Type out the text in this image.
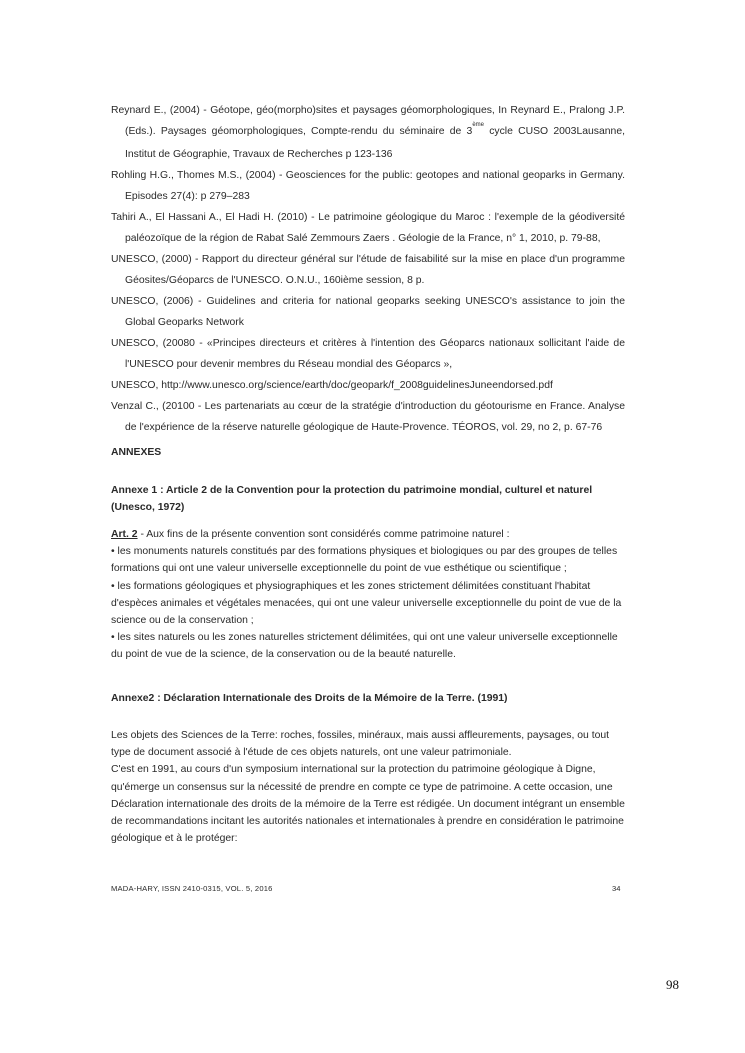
Reynard E., (2004) - Géotope, géo(morpho)sites et paysages géomorphologiques, In Reynard E., Pralong J.P. (Eds.). Paysages géomorphologiques, Compte-rendu du séminaire de 3ème cycle CUSO 2003Lausanne, Institut de Géographie, Travaux de Recherches p 123-136
Rohling H.G., Thomes M.S., (2004) - Geosciences for the public: geotopes and national geoparks in Germany. Episodes 27(4): p 279–283
Tahiri A., El Hassani A., El Hadi H. (2010) - Le patrimoine géologique du Maroc : l'exemple de la géodiversité paléozoïque de la région de Rabat Salé Zemmours Zaers . Géologie de la France, n° 1, 2010, p. 79-88,
UNESCO, (2000) - Rapport du directeur général sur l'étude de faisabilité sur la mise en place d'un programme Géosites/Géoparcs de l'UNESCO. O.N.U., 160ième session, 8 p.
UNESCO, (2006) - Guidelines and criteria for national geoparks seeking UNESCO's assistance to join the Global Geoparks Network
UNESCO, (20080 - «Principes directeurs et critères à l'intention des Géoparcs nationaux sollicitant l'aide de l'UNESCO pour devenir membres du Réseau mondial des Géoparcs »,
UNESCO, http://www.unesco.org/science/earth/doc/geopark/f_2008guidelinesJuneendorsed.pdf
Venzal C., (20100 - Les partenariats au cœur de la stratégie d'introduction du géotourisme en France. Analyse de l'expérience de la réserve naturelle géologique de Haute-Provence. TÉOROS, vol. 29, no 2, p. 67-76
ANNEXES
Annexe 1 : Article 2 de la Convention pour la protection du patrimoine mondial, culturel et naturel (Unesco, 1972)

Art. 2 - Aux fins de la présente convention sont considérés comme patrimoine naturel :

• les monuments naturels constitués par des formations physiques et biologiques ou par des groupes de telles formations qui ont une valeur universelle exceptionnelle du point de vue esthétique ou scientifique ;

• les formations géologiques et physiographiques et les zones strictement délimitées constituant l'habitat d'espèces animales et végétales menacées, qui ont une valeur universelle exceptionnelle du point de vue de la science ou de la conservation ;

• les sites naturels ou les zones naturelles strictement délimitées, qui ont une valeur universelle exceptionnelle du point de vue de la science, de la conservation ou de la beauté naturelle.

Annexe2 : Déclaration Internationale des Droits de la Mémoire de la Terre. (1991)

Les objets des Sciences de la Terre: roches, fossiles, minéraux, mais aussi affleurements, paysages, ou tout type de document associé à l'étude de ces objets naturels, ont une valeur patrimoniale.

C'est en 1991, au cours d'un symposium international sur la protection du patrimoine géologique à Digne, qu'émerge un consensus sur la nécessité de prendre en compte ce type de patrimoine. A cette occasion, une Déclaration internationale des droits de la mémoire de la Terre est rédigée. Un document intégrant un ensemble de recommandations incitant les autorités nationales et internationales à prendre en considération le patrimoine géologique et à le protéger:

MADA-HARY, ISSN 2410-0315, VOL. 5, 2016	34
98
